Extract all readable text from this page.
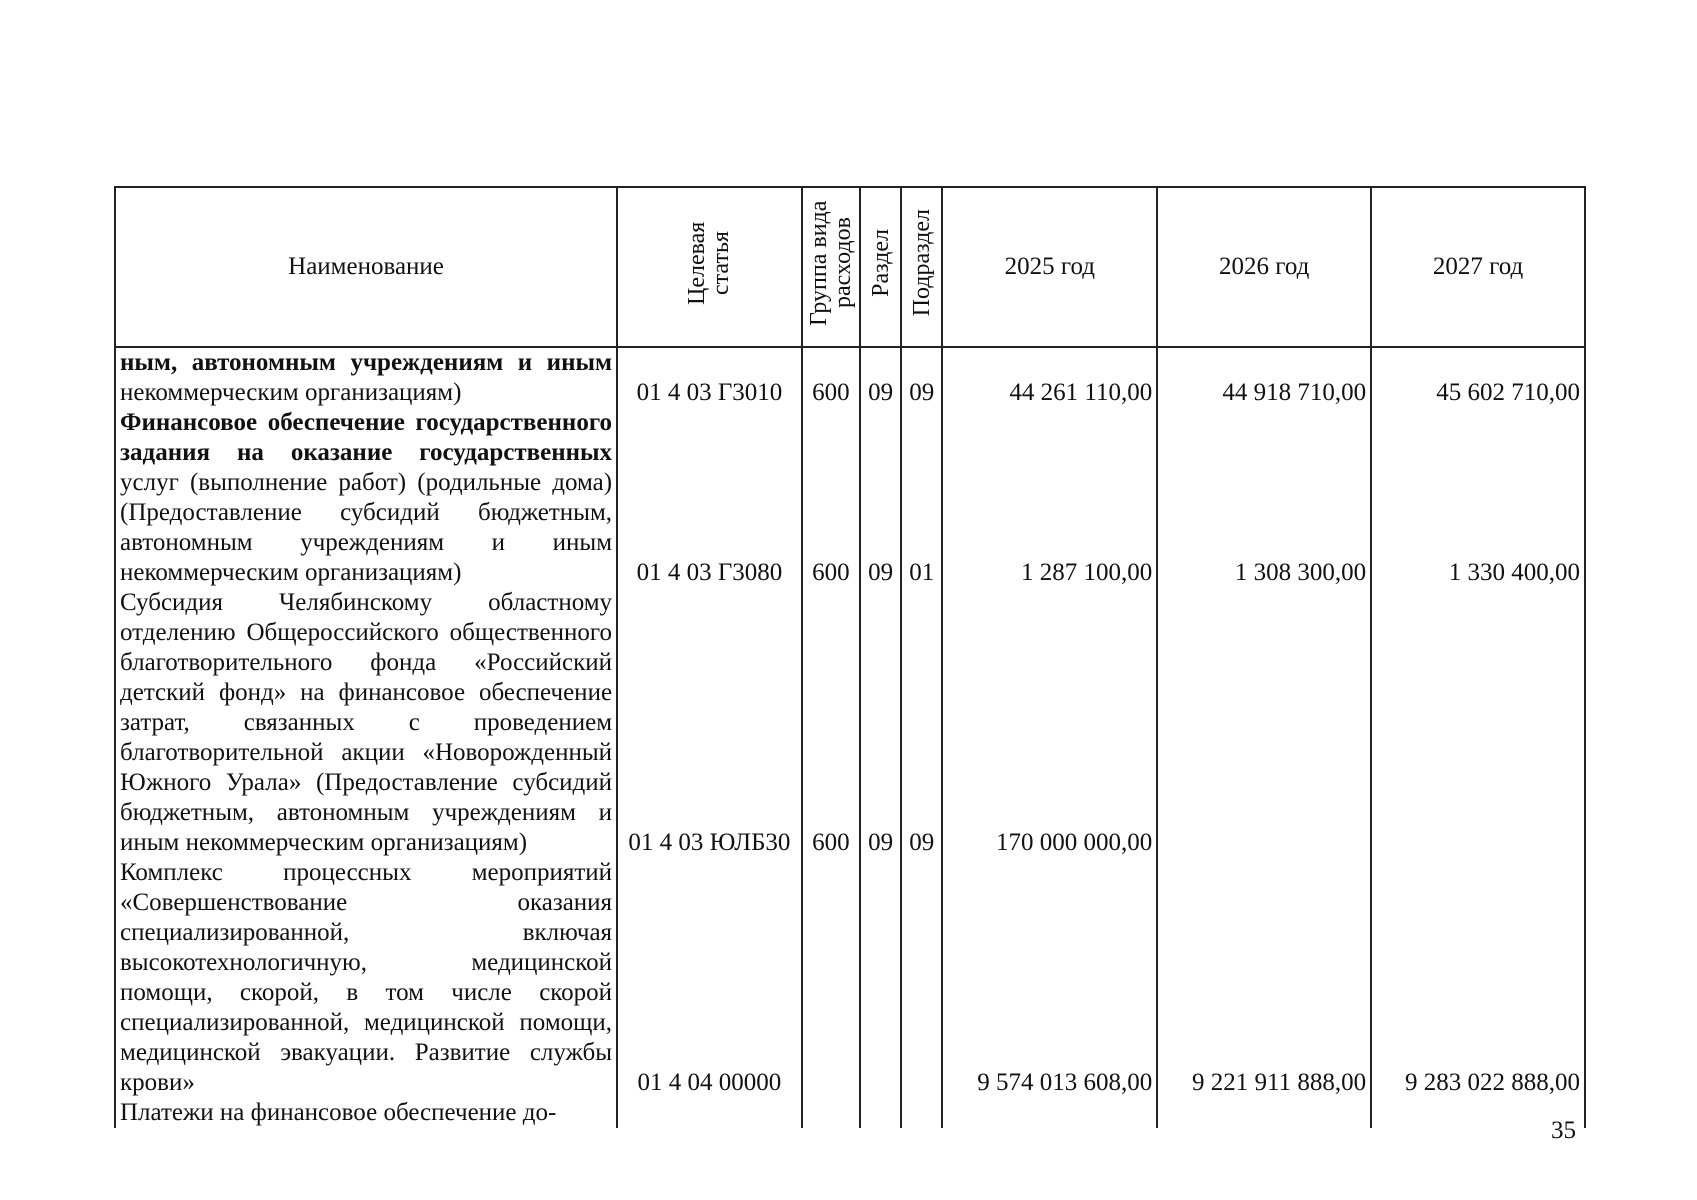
Наименование	Целевая статья	Группа вида расходов	Раздел	Подраздел	2025 год	2026 год	2027 год
ным, автономным учреждениям и иным некоммерческим организациям)	01 4 03 Г3010	600	09	09	44 261 110,00	44 918 710,00	45 602 710,00
Финансовое обеспечение государственного задания на оказание государственных услуг (выполнение работ) (родильные дома) (Предоставление субсидий бюджетным, автономным учреждениям и иным некоммерческим организациям)	01 4 03 Г3080	600	09	01	1 287 100,00	1 308 300,00	1 330 400,00
Субсидия Челябинскому областному отделению Общероссийского общественного благотворительного фонда «Российский детский фонд» на финансовое обеспечение затрат, связанных с проведением благотворительной акции «Новорожденный Южного Урала» (Предоставление субсидий бюджетным, автономным учреждениям и иным некоммерческим организациям)	01 4 03 ЮЛБ30	600	09	09	170 000 000,00		
Комплекс процессных мероприятий «Совершенствование оказания специализированной, включая высокотехнологичную, медицинской помощи, скорой, в том числе скорой специализированной, медицинской помощи, медицинской эвакуации. Развитие службы крови»	01 4 04 00000				9 574 013 608,00	9 221 911 888,00	9 283 022 888,00
Платежи на финансовое обеспечение до-							
35
